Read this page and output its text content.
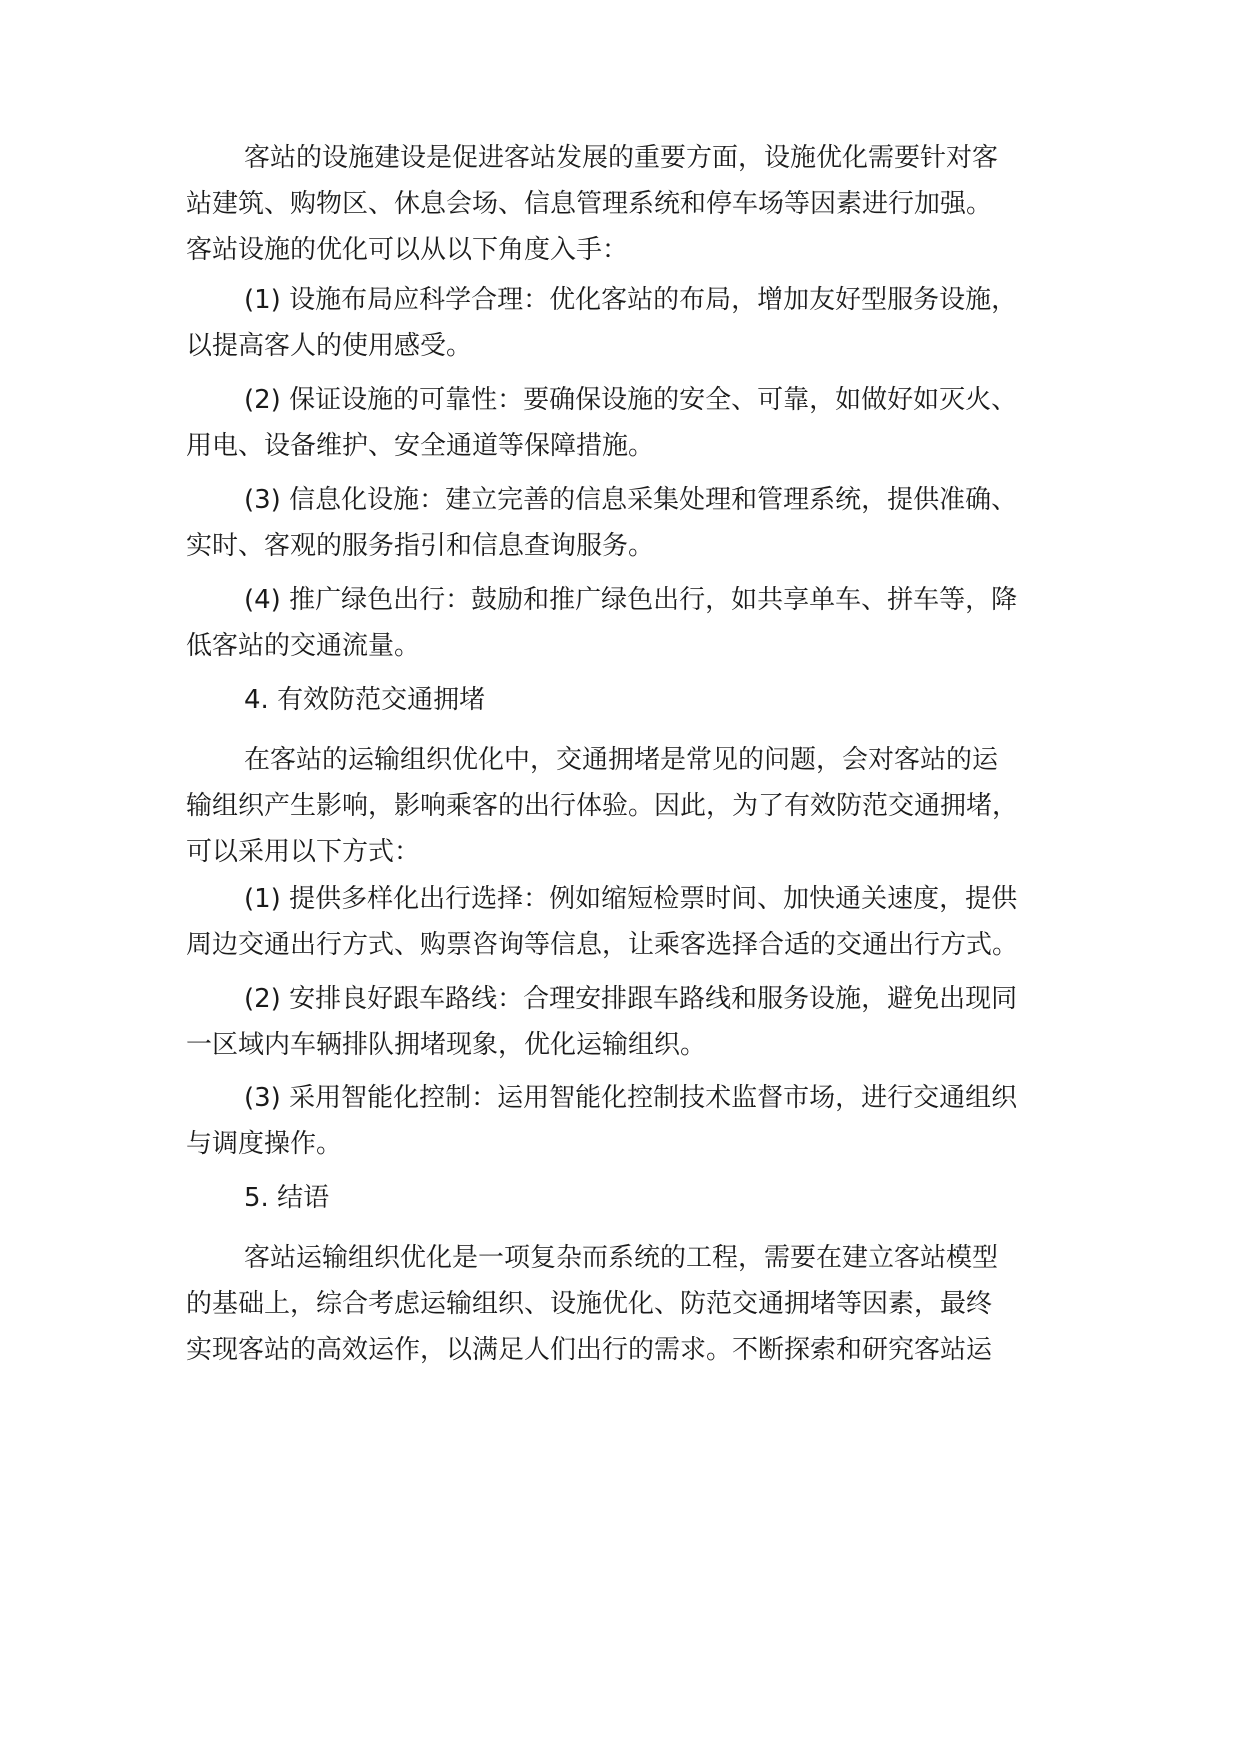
客站的设施建设是促进客站发展的重要方面，设施优化需要针对客
站建筑、购物区、休息会场、信息管理系统和停车场等因素进行加强。
客站设施的优化可以从以下角度入手：
(1) 设施布局应科学合理：优化客站的布局，增加友好型服务设施，
以提高客人的使用感受。
(2) 保证设施的可靠性：要确保设施的安全、可靠，如做好如灭火、
用电、设备维护、安全通道等保障措施。
(3) 信息化设施：建立完善的信息采集处理和管理系统，提供准确、
实时、客观的服务指引和信息查询服务。
(4) 推广绿色出行：鼓励和推广绿色出行，如共享单车、拼车等，降
低客站的交通流量。
4. 有效防范交通拥堵
在客站的运输组织优化中，交通拥堵是常见的问题，会对客站的运
输组织产生影响，影响乘客的出行体验。因此，为了有效防范交通拥堵，
可以采用以下方式：
(1) 提供多样化出行选择：例如缩短检票时间、加快通关速度，提供
周边交通出行方式、购票咨询等信息，让乘客选择合适的交通出行方式。
(2) 安排良好跟车路线：合理安排跟车路线和服务设施，避免出现同
一区域内车辆排队拥堵现象，优化运输组织。
(3) 采用智能化控制：运用智能化控制技术监督市场，进行交通组织
与调度操作。
5. 结语
客站运输组织优化是一项复杂而系统的工程，需要在建立客站模型
的基础上，综合考虑运输组织、设施优化、防范交通拥堵等因素，最终
实现客站的高效运作，以满足人们出行的需求。不断探索和研究客站运
